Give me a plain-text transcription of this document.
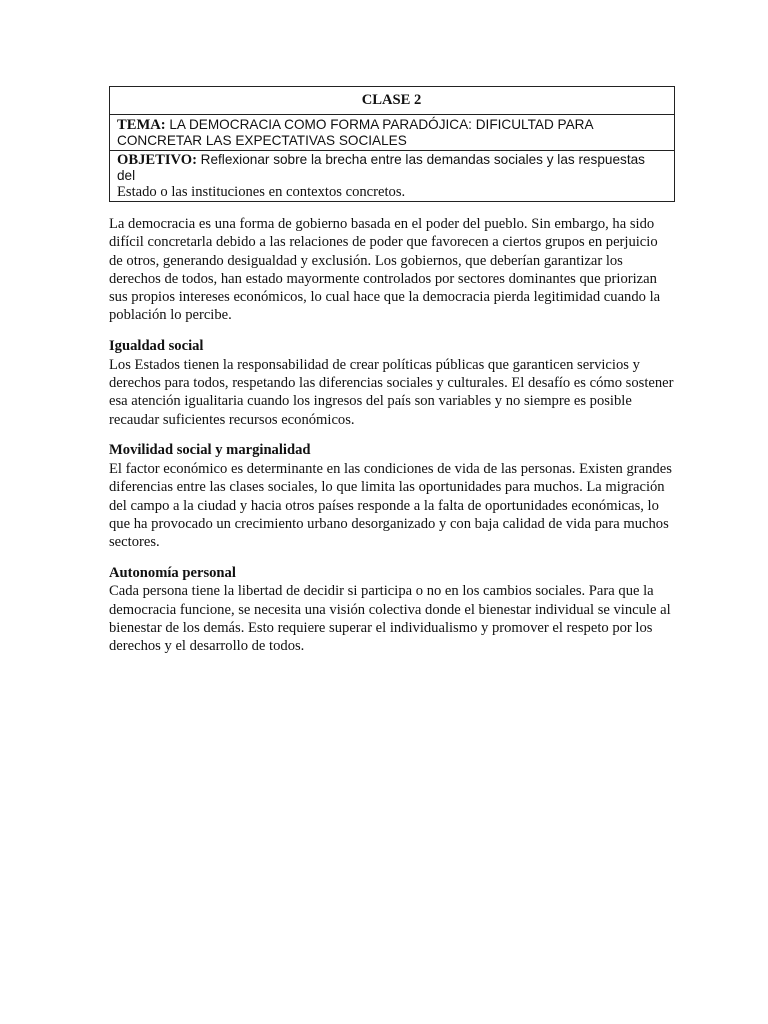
CLASE 2
TEMA: LA DEMOCRACIA COMO FORMA PARADÓJICA: DIFICULTAD PARA CONCRETAR LAS EXPECTATIVAS SOCIALES
OBJETIVO: Reflexionar sobre la brecha entre las demandas sociales y las respuestas del
Estado o las instituciones en contextos concretos.

La democracia es una forma de gobierno basada en el poder del pueblo. Sin embargo, ha sido difícil concretarla debido a las relaciones de poder que favorecen a ciertos grupos en perjuicio de otros, generando desigualdad y exclusión. Los gobiernos, que deberían garantizar los derechos de todos, han estado mayormente controlados por sectores dominantes que priorizan sus propios intereses económicos, lo cual hace que la democracia pierda legitimidad cuando la población lo percibe.

Igualdad social

Los Estados tienen la responsabilidad de crear políticas públicas que garanticen servicios y derechos para todos, respetando las diferencias sociales y culturales. El desafío es cómo sostener esa atención igualitaria cuando los ingresos del país son variables y no siempre es posible recaudar suficientes recursos económicos.

Movilidad social y marginalidad

El factor económico es determinante en las condiciones de vida de las personas. Existen grandes diferencias entre las clases sociales, lo que limita las oportunidades para muchos. La migración del campo a la ciudad y hacia otros países responde a la falta de oportunidades económicas, lo que ha provocado un crecimiento urbano desorganizado y con baja calidad de vida para muchos sectores.

Autonomía personal

Cada persona tiene la libertad de decidir si participa o no en los cambios sociales. Para que la democracia funcione, se necesita una visión colectiva donde el bienestar individual se vincule al bienestar de los demás. Esto requiere superar el individualismo y promover el respeto por los derechos y el desarrollo de todos.
